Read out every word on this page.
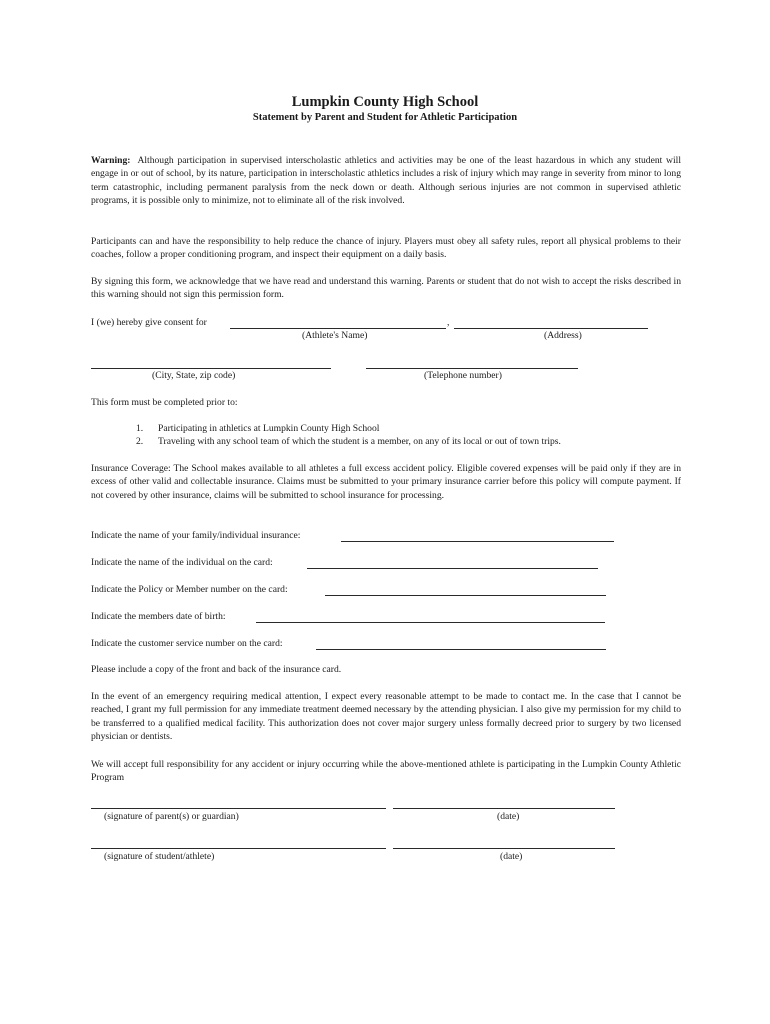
Lumpkin County High School
Statement by Parent and Student for Athletic Participation
Warning: Although participation in supervised interscholastic athletics and activities may be one of the least hazardous in which any student will engage in or out of school, by its nature, participation in interscholastic athletics includes a risk of injury which may range in severity from minor to long term catastrophic, including permanent paralysis from the neck down or death. Although serious injuries are not common in supervised athletic programs, it is possible only to minimize, not to eliminate all of the risk involved.
Participants can and have the responsibility to help reduce the chance of injury. Players must obey all safety rules, report all physical problems to their coaches, follow a proper conditioning program, and inspect their equipment on a daily basis.
By signing this form, we acknowledge that we have read and understand this warning. Parents or student that do not wish to accept the risks described in this warning should not sign this permission form.
I (we) hereby give consent for	,
(Athlete's Name)	(Address)
(City, State, zip code)	(Telephone number)
This form must be completed prior to:
1. Participating in athletics at Lumpkin County High School
2. Traveling with any school team of which the student is a member, on any of its local or out of town trips.
Insurance Coverage: The School makes available to all athletes a full excess accident policy. Eligible covered expenses will be paid only if they are in excess of other valid and collectable insurance. Claims must be submitted to your primary insurance carrier before this policy will compute payment. If not covered by other insurance, claims will be submitted to school insurance for processing.
Indicate the name of your family/individual insurance:
Indicate the name of the individual on the card:
Indicate the Policy or Member number on the card:
Indicate the members date of birth:
Indicate the customer service number on the card:
Please include a copy of the front and back of the insurance card.
In the event of an emergency requiring medical attention, I expect every reasonable attempt to be made to contact me. In the case that I cannot be reached, I grant my full permission for any immediate treatment deemed necessary by the attending physician. I also give my permission for my child to be transferred to a qualified medical facility. This authorization does not cover major surgery unless formally decreed prior to surgery by two licensed physician or dentists.
We will accept full responsibility for any accident or injury occurring while the above-mentioned athlete is participating in the Lumpkin County Athletic Program
(signature of parent(s) or guardian)	(date)
(signature of student/athlete)	(date)
